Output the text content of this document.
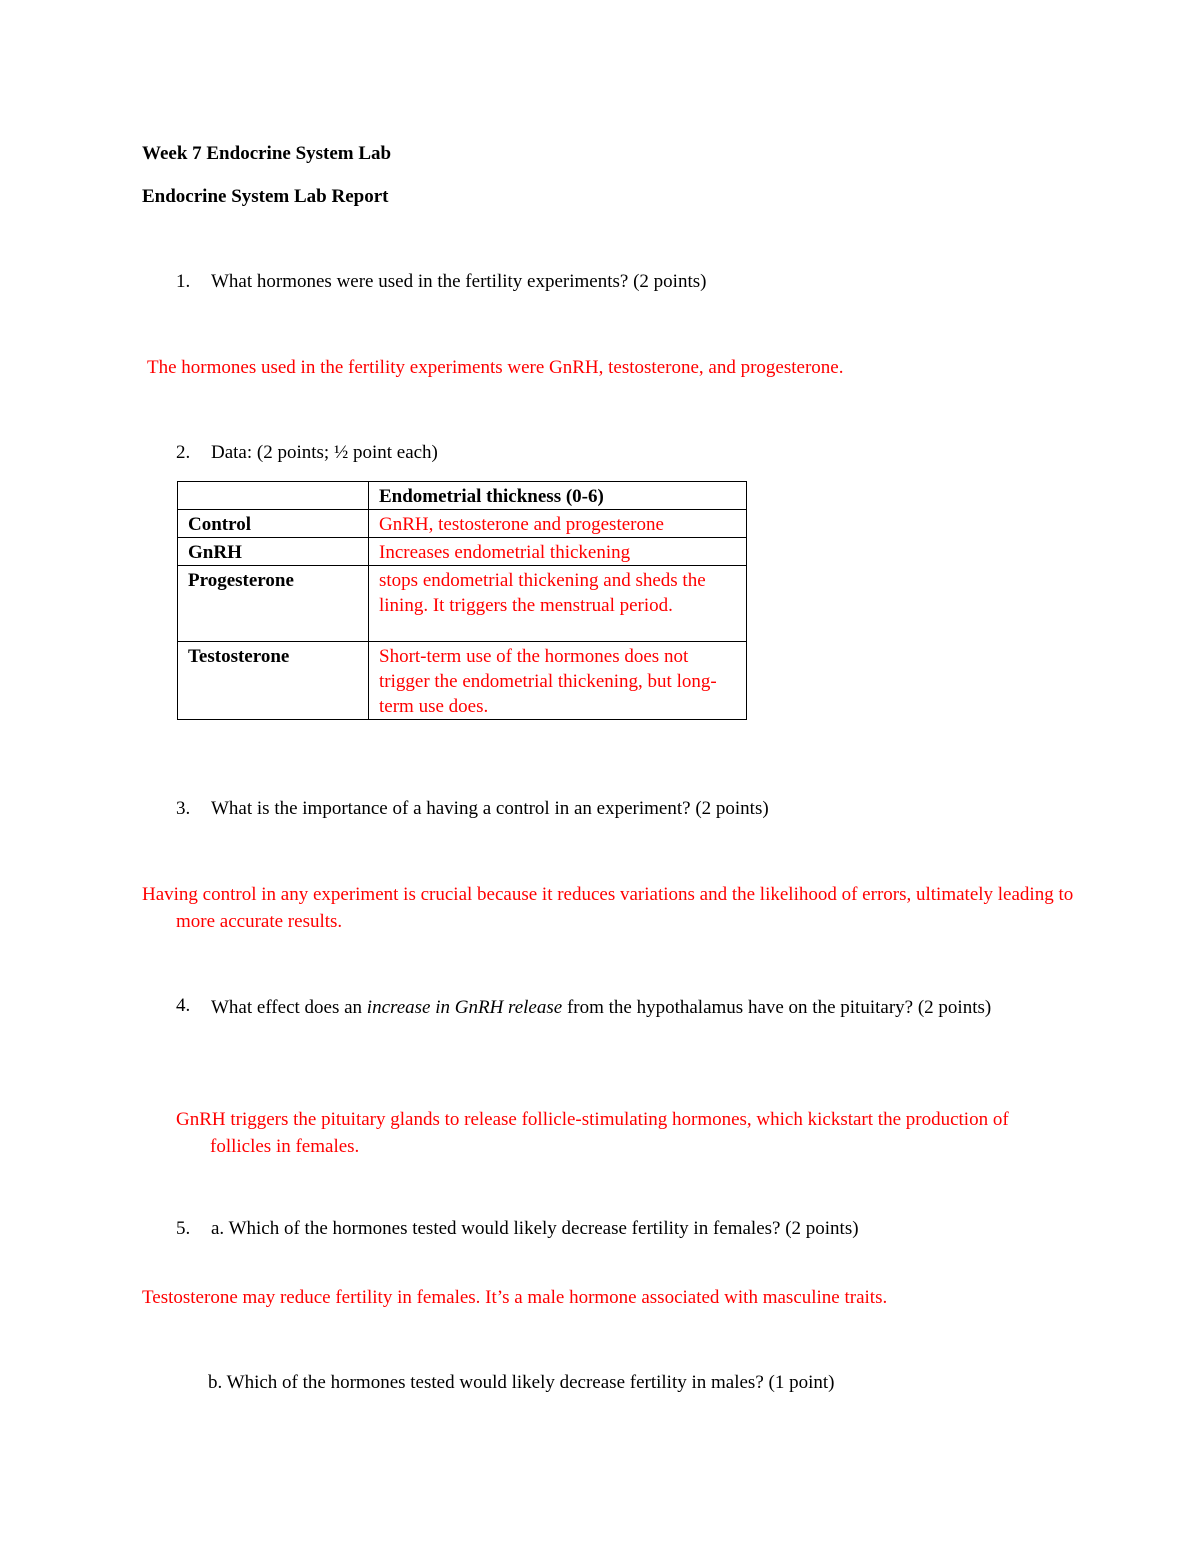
Week 7 Endocrine System Lab
Endocrine System Lab Report
1. What hormones were used in the fertility experiments? (2 points)
The hormones used in the fertility experiments were GnRH, testosterone, and progesterone.
2. Data: (2 points; ½ point each)
	Endometrial thickness (0-6)
Control	GnRH, testosterone and progesterone
GnRH	Increases endometrial thickening
Progesterone	stops endometrial thickening and sheds the lining. It triggers the menstrual period.
Testosterone	Short-term use of the hormones does not trigger the endometrial thickening, but long-term use does.
3. What is the importance of a having a control in an experiment? (2 points)
Having control in any experiment is crucial because it reduces variations and the likelihood of errors, ultimately leading to more accurate results.
4. What effect does an increase in GnRH release from the hypothalamus have on the pituitary? (2 points)
GnRH triggers the pituitary glands to release follicle-stimulating hormones, which kickstart the production of follicles in females.
5. a. Which of the hormones tested would likely decrease fertility in females? (2 points)
Testosterone may reduce fertility in females. It’s a male hormone associated with masculine traits.
b. Which of the hormones tested would likely decrease fertility in males? (1 point)
